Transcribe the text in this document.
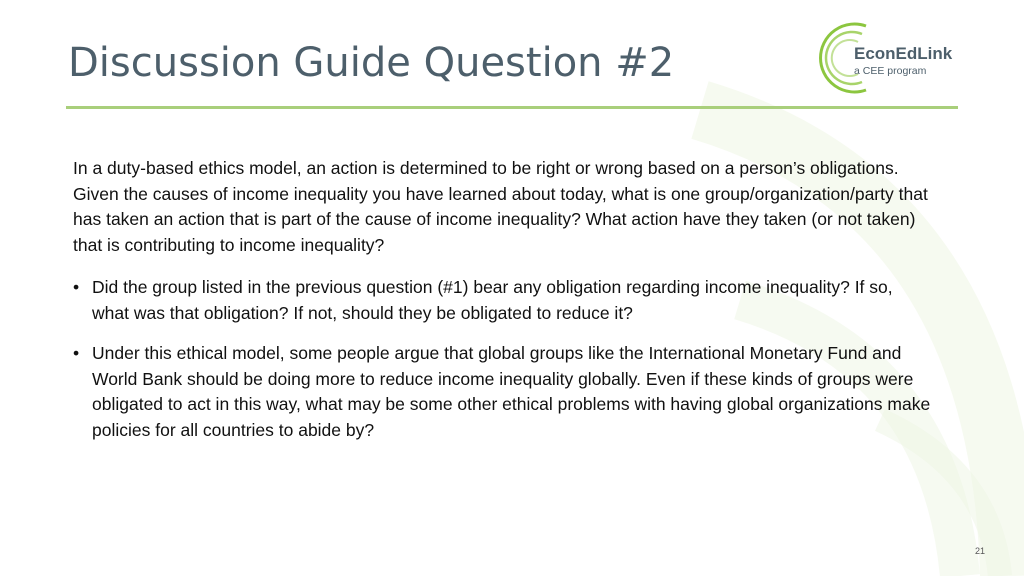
Discussion Guide Question #2	EconEdLink
a CEE program

In a duty-based ethics model, an action is determined to be right or wrong based on a person’s obligations. Given the causes of income inequality you have learned about today, what is one group/organization/party that has taken an action that is part of the cause of income inequality? What action have they taken (or not taken) that is contributing to income inequality?

• Did the group listed in the previous question (#1) bear any obligation regarding income inequality? If so, what was that obligation? If not, should they be obligated to reduce it?
• Under this ethical model, some people argue that global groups like the International Monetary Fund and World Bank should be doing more to reduce income inequality globally. Even if these kinds of groups were obligated to act in this way, what may be some other ethical problems with having global organizations make policies for all countries to abide by?
21
